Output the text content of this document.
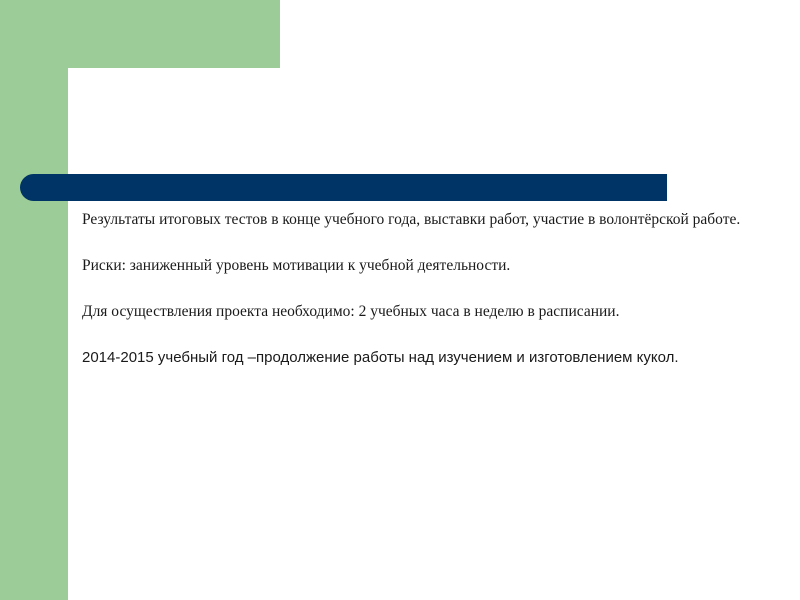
Результаты итоговых тестов в конце учебного года, выставки работ, участие в волонтёрской работе.

Риски: заниженный уровень мотивации к учебной деятельности.

Для осуществления проекта необходимо: 2 учебных часа в неделю в расписании.

2014-2015 учебный год –продолжение работы над изучением и изготовлением кукол.
